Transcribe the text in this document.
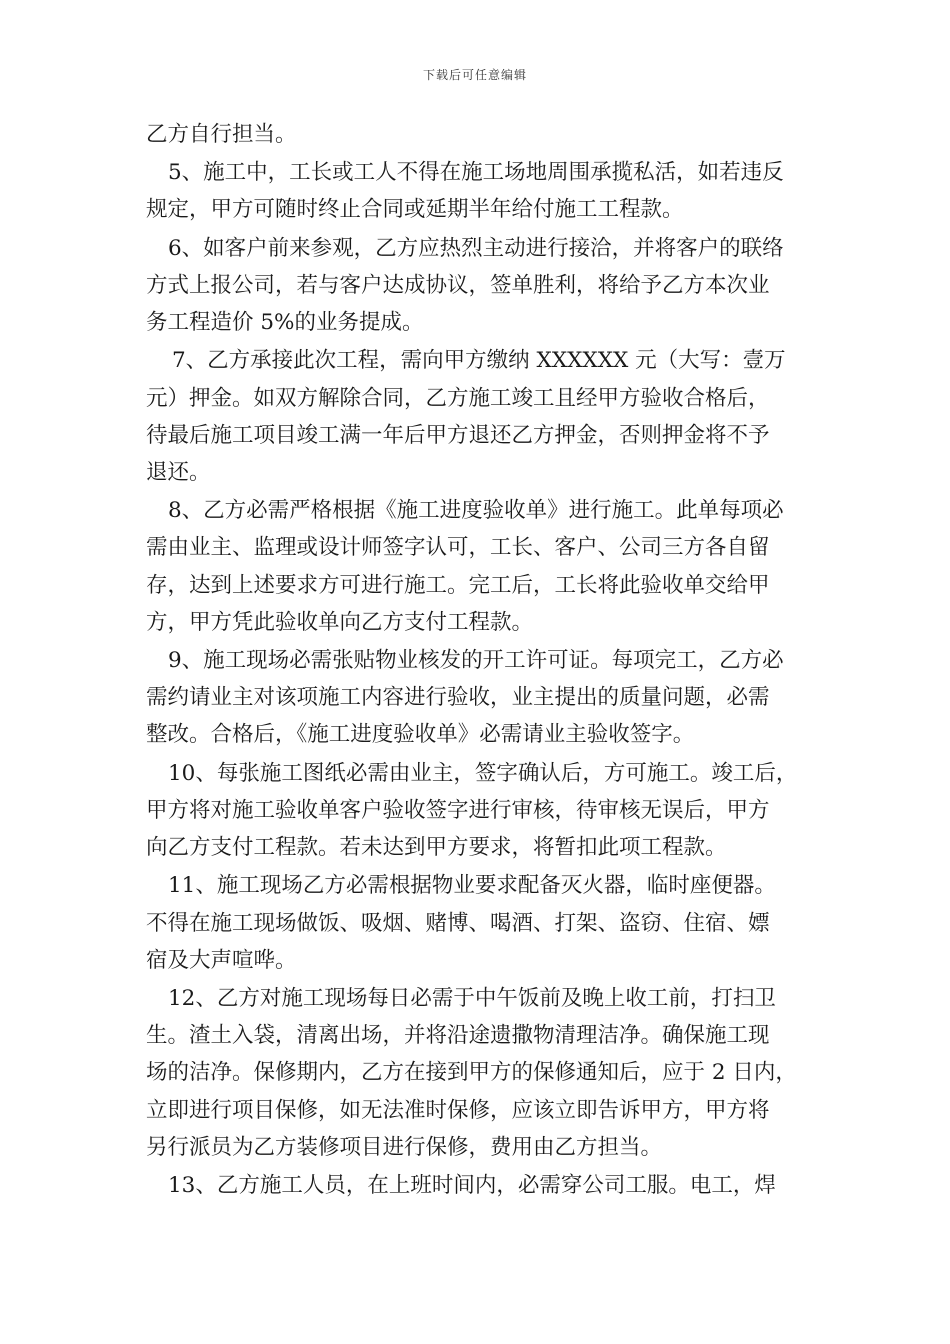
下载后可任意编辑
乙方自行担当。
5、施工中，工长或工人不得在施工场地周围承揽私活，如若违反
规定，甲方可随时终止合同或延期半年给付施工工程款。
6、如客户前来参观，乙方应热烈主动进行接洽，并将客户的联络
方式上报公司，若与客户达成协议，签单胜利，将给予乙方本次业
务工程造价 5%的业务提成。
7、乙方承接此次工程，需向甲方缴纳 XXXXXX 元（大写：壹万
元）押金。如双方解除合同，乙方施工竣工且经甲方验收合格后，
待最后施工项目竣工满一年后甲方退还乙方押金，否则押金将不予
退还。
8、乙方必需严格根据《施工进度验收单》进行施工。此单每项必
需由业主、监理或设计师签字认可，工长、客户、公司三方各自留
存，达到上述要求方可进行施工。完工后，工长将此验收单交给甲
方，甲方凭此验收单向乙方支付工程款。
9、施工现场必需张贴物业核发的开工许可证。每项完工，乙方必
需约请业主对该项施工内容进行验收，业主提出的质量问题，必需
整改。合格后，《施工进度验收单》必需请业主验收签字。
10、每张施工图纸必需由业主，签字确认后，方可施工。竣工后，
甲方将对施工验收单客户验收签字进行审核，待审核无误后，甲方
向乙方支付工程款。若未达到甲方要求，将暂扣此项工程款。
11、施工现场乙方必需根据物业要求配备灭火器，临时座便器。
不得在施工现场做饭、吸烟、赌博、喝酒、打架、盗窃、住宿、嫖
宿及大声喧哗。
12、乙方对施工现场每日必需于中午饭前及晚上收工前，打扫卫
生。渣土入袋，清离出场，并将沿途遗撒物清理洁净。确保施工现
场的洁净。保修期内，乙方在接到甲方的保修通知后，应于 2 日内，
立即进行项目保修，如无法准时保修，应该立即告诉甲方，甲方将
另行派员为乙方装修项目进行保修，费用由乙方担当。
13、乙方施工人员，在上班时间内，必需穿公司工服。电工，焊
